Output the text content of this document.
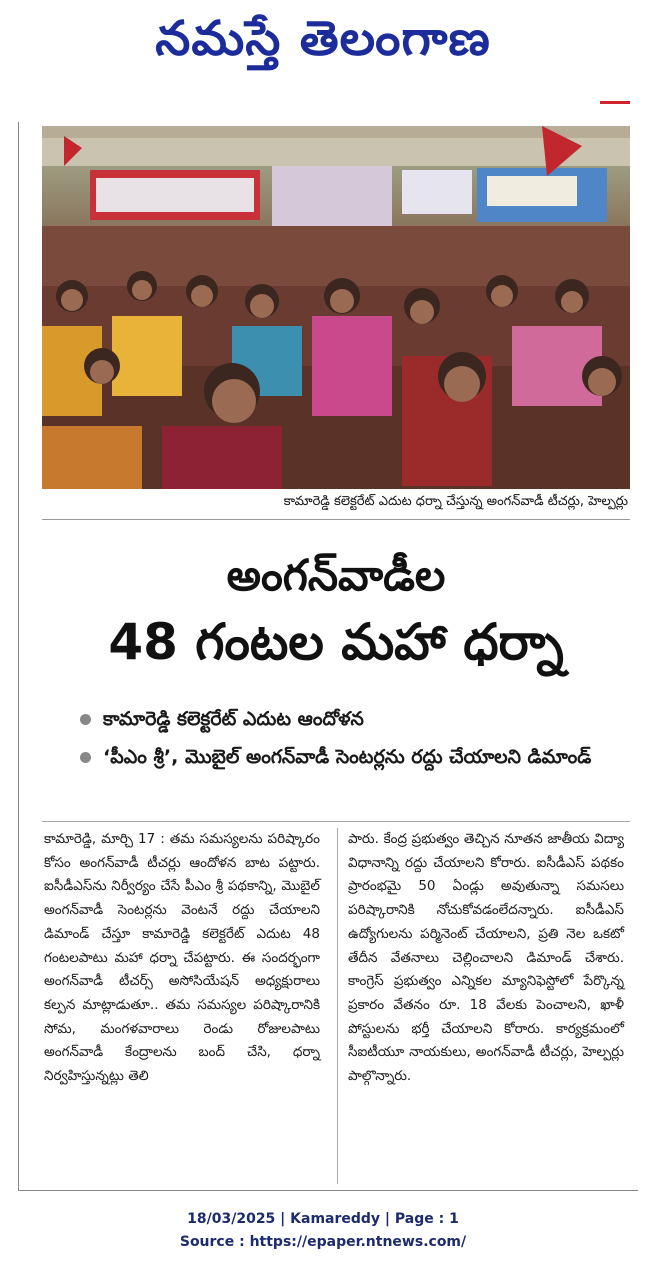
నమస్తే తెలంగాణ
కామారెడ్డి కలెక్టరేట్ ఎదుట ధర్నా చేస్తున్న అంగన్‌వాడీ టీచర్లు, హెల్పర్లు
అంగన్‌వాడీల
48 గంటల మహా ధర్నా
కామారెడ్డి కలెక్టరేట్ ఎదుట ఆందోళన
‘పీఎం శ్రీ’, మొబైల్ అంగన్‌వాడీ సెంటర్లను రద్దు చేయాలని డిమాండ్
కామారెడ్డి, మార్చి 17 : తమ సమస్యలను పరిష్కారం కోసం అంగన్‌వాడీ టీచర్లు ఆందోళన బాట పట్టారు. ఐసీడీఎస్‌ను నిర్వీర్యం చేసే పీఎం శ్రీ పథకాన్ని, మొబైల్ అంగన్‌వాడీ సెంటర్లను వెంటనే రద్దు చేయాలని డిమాండ్ చేస్తూ కామారెడ్డి కలెక్టరేట్ ఎదుట 48 గంటలపాటు మహా ధర్నా చేపట్టారు. ఈ సందర్భంగా అంగన్‌వాడీ టీచర్స్ అసోసియేషన్ అధ్యక్షురాలు కల్పన మాట్లాడుతూ.. తమ సమస్యల పరిష్కారానికి సోమ, మంగళవారాలు రెండు రోజులపాటు అంగన్‌వాడీ కేంద్రాలను బంద్ చేసి, ధర్నా నిర్వహిస్తున్నట్లు తెలి
పారు. కేంద్ర ప్రభుత్వం తెచ్చిన నూతన జాతీయ విద్యా విధానాన్ని రద్దు చేయాలని కోరారు. ఐసీడీఎస్ పథకం ప్రారంభమై 50 ఏండ్లు అవుతున్నా సమసలు పరిష్కారానికి నోచుకోవడంలేదన్నారు. ఐసీడీఎస్ ఉద్యోగులను పర్మినెంట్ చేయాలని, ప్రతి నెల ఒకటో తేదీన వేతనాలు చెల్లించాలని డిమాండ్ చేశారు. కాంగ్రెస్ ప్రభుత్వం ఎన్నికల మ్యానిఫెస్టోలో పేర్కొన్న ప్రకారం వేతనం రూ. 18 వేలకు పెంచాలని, ఖాళీ పోస్టులను భర్తీ చేయాలని కోరారు. కార్యక్రమంలో సీఐటీయూ నాయకులు, అంగన్‌వాడీ టీచర్లు, హెల్పర్లు పాల్గొన్నారు.
18/03/2025 | Kamareddy | Page : 1
Source : https://epaper.ntnews.com/
